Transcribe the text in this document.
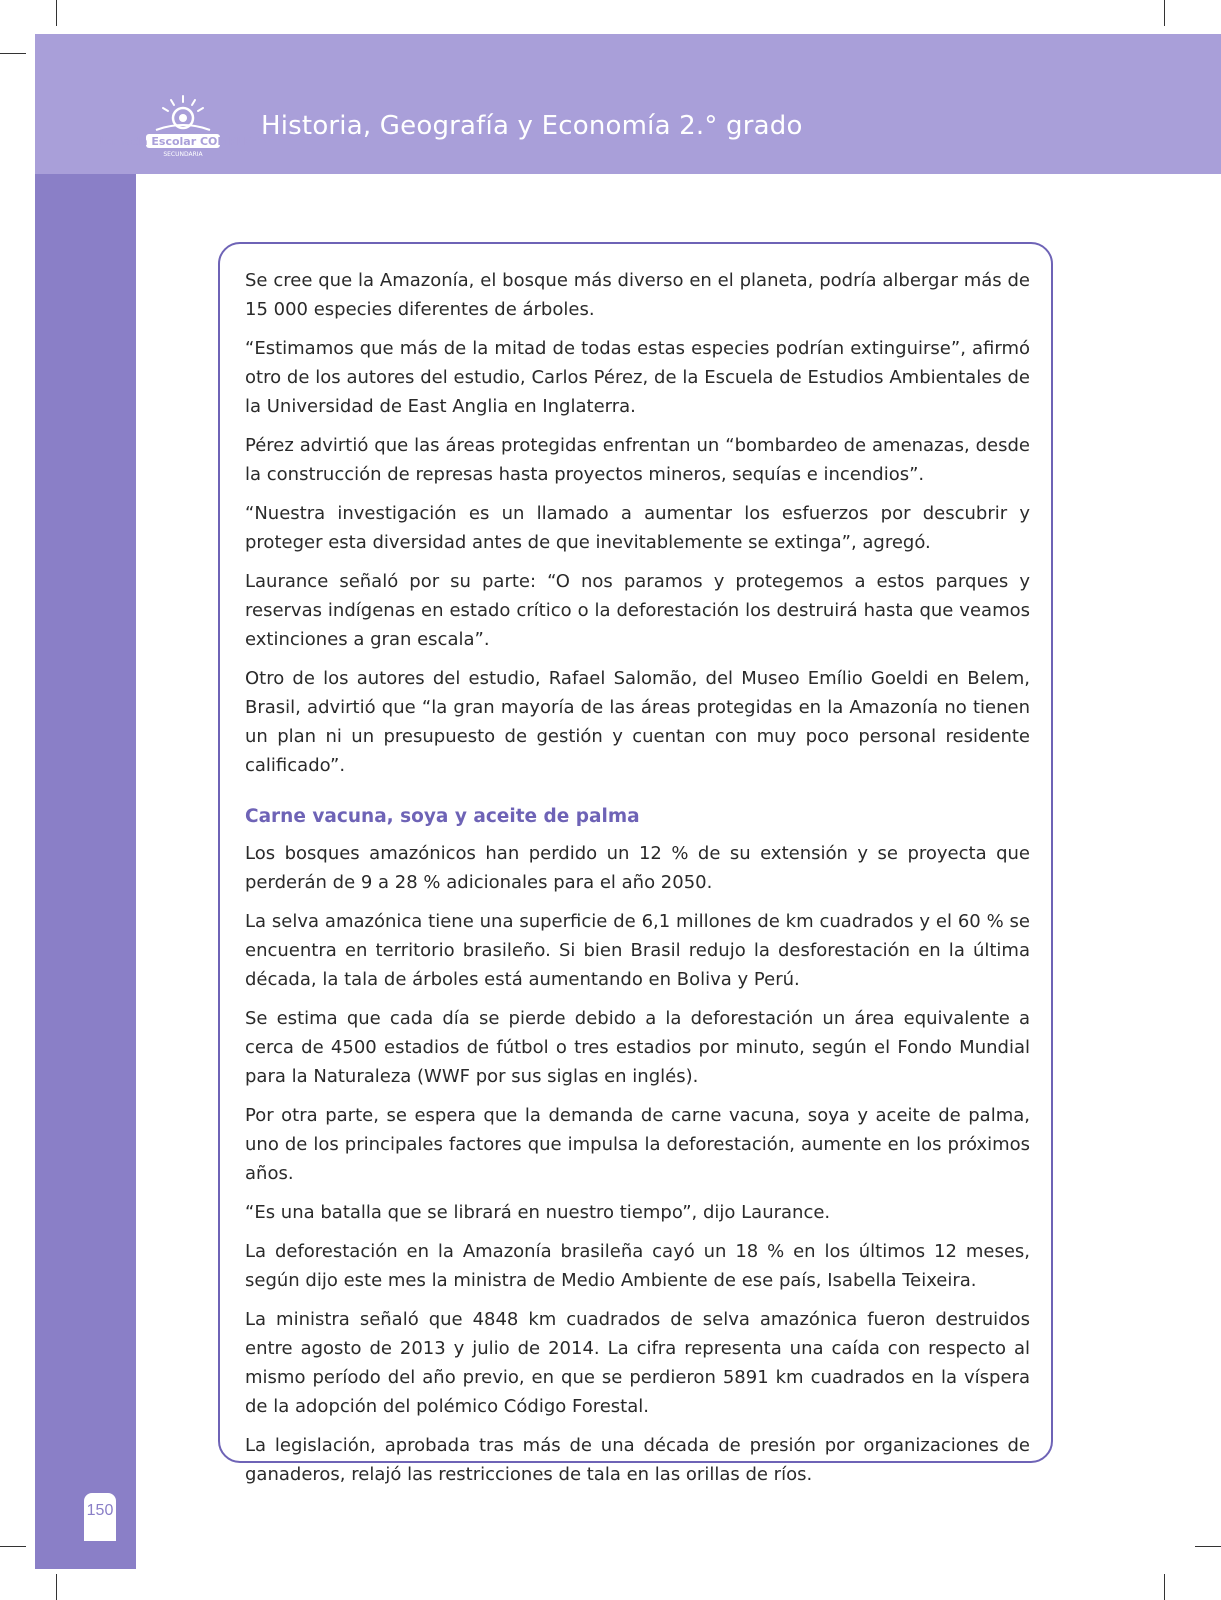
Jornada Escolar COMPLETA
SECUNDARIA
Historia, Geografía y Economía 2.° grado

Se cree que la Amazonía, el bosque más diverso en el planeta, podría albergar más de 15 000 especies diferentes de árboles.

“Estimamos que más de la mitad de todas estas especies podrían extinguirse”, afirmó otro de los autores del estudio, Carlos Pérez, de la Escuela de Estudios Ambientales de la Universidad de East Anglia en Inglaterra.

Pérez advirtió que las áreas protegidas enfrentan un “bombardeo de amenazas, desde la construcción de represas hasta proyectos mineros, sequías e incendios”.

“Nuestra investigación es un llamado a aumentar los esfuerzos por descubrir y proteger esta diversidad antes de que inevitablemente se extinga”, agregó.

Laurance señaló por su parte: “O nos paramos y protegemos a estos parques y reservas indígenas en estado crítico o la deforestación los destruirá hasta que veamos extinciones a gran escala”.

Otro de los autores del estudio, Rafael Salomão, del Museo Emílio Goeldi en Belem, Brasil, advirtió que “la gran mayoría de las áreas protegidas en la Amazonía no tienen un plan ni un presupuesto de gestión y cuentan con muy poco personal residente calificado”.

Carne vacuna, soya y aceite de palma

Los bosques amazónicos han perdido un 12 % de su extensión y se proyecta que perderán de 9 a 28 % adicionales para el año 2050.

La selva amazónica tiene una superficie de 6,1 millones de km cuadrados y el 60 % se encuentra en territorio brasileño. Si bien Brasil redujo la desforestación en la última década, la tala de árboles está aumentando en Boliva y Perú.

Se estima que cada día se pierde debido a la deforestación un área equivalente a cerca de 4500 estadios de fútbol o tres estadios por minuto, según el Fondo Mundial para la Naturaleza (WWF por sus siglas en inglés).

Por otra parte, se espera que la demanda de carne vacuna, soya y aceite de palma, uno de los principales factores que impulsa la deforestación, aumente en los próximos años.

“Es una batalla que se librará en nuestro tiempo”, dijo Laurance.

La deforestación en la Amazonía brasileña cayó un 18 % en los últimos 12 meses, según dijo este mes la ministra de Medio Ambiente de ese país, Isabella Teixeira.

La ministra señaló que 4848 km cuadrados de selva amazónica fueron destruidos entre agosto de 2013 y julio de 2014. La cifra representa una caída con respecto al mismo período del año previo, en que se perdieron 5891 km cuadrados en la víspera de la adopción del polémico Código Forestal.

La legislación, aprobada tras más de una década de presión por organizaciones de ganaderos, relajó las restricciones de tala en las orillas de ríos.

150
